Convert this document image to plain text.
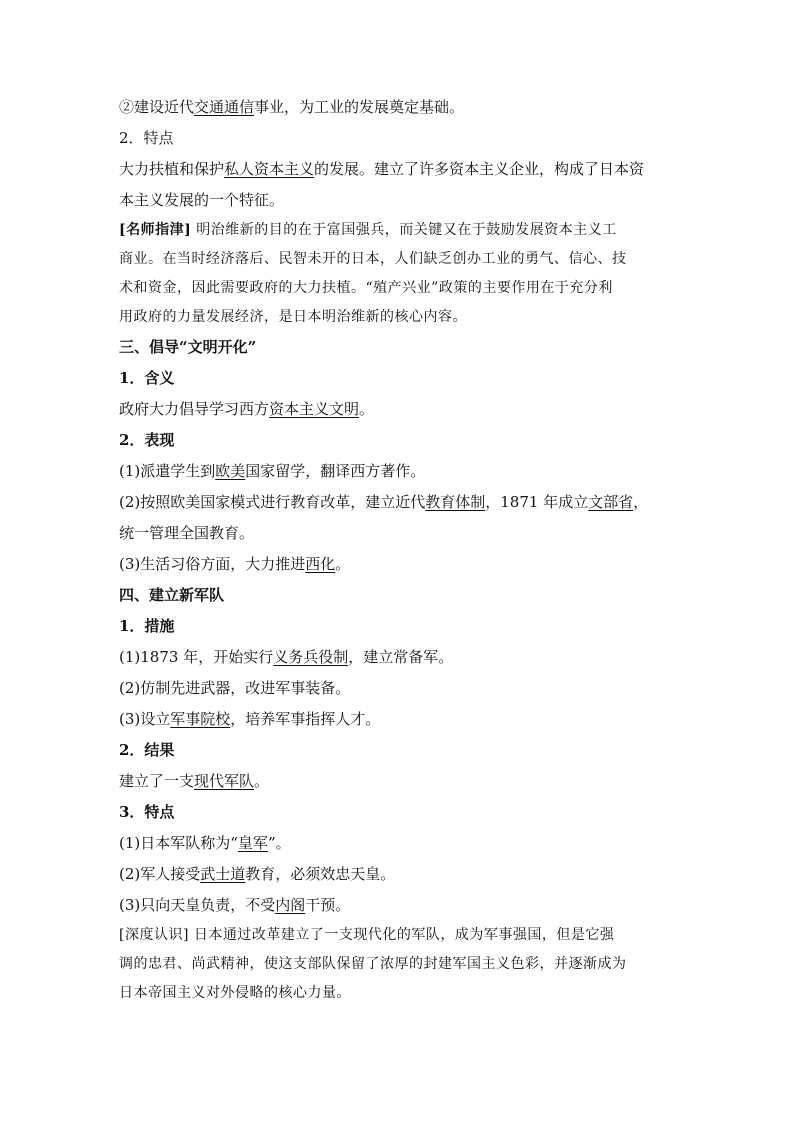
②建设近代交通通信事业，为工业的发展奠定基础。
2．特点
大力扶植和保护私人资本主义的发展。建立了许多资本主义企业，构成了日本资
本主义发展的一个特征。
[名师指津] 明治维新的目的在于富国强兵，而关键又在于鼓励发展资本主义工
商业。在当时经济落后、民智未开的日本，人们缺乏创办工业的勇气、信心、技
术和资金，因此需要政府的大力扶植。“殖产兴业”政策的主要作用在于充分利
用政府的力量发展经济，是日本明治维新的核心内容。
三、倡导“文明开化”
1．含义
政府大力倡导学习西方资本主义文明。
2．表现
(1)派遣学生到欧美国家留学，翻译西方著作。
(2)按照欧美国家模式进行教育改革，建立近代教育体制，1871 年成立文部省，
统一管理全国教育。
(3)生活习俗方面，大力推进西化。
四、建立新军队
1．措施
(1)1873 年，开始实行义务兵役制，建立常备军。
(2)仿制先进武器，改进军事装备。
(3)设立军事院校，培养军事指挥人才。
2．结果
建立了一支现代军队。
3．特点
(1)日本军队称为“皇军”。
(2)军人接受武士道教育，必须效忠天皇。
(3)只向天皇负责，不受内阁干预。
[深度认识] 日本通过改革建立了一支现代化的军队，成为军事强国，但是它强
调的忠君、尚武精神，使这支部队保留了浓厚的封建军国主义色彩，并逐渐成为
日本帝国主义对外侵略的核心力量。
